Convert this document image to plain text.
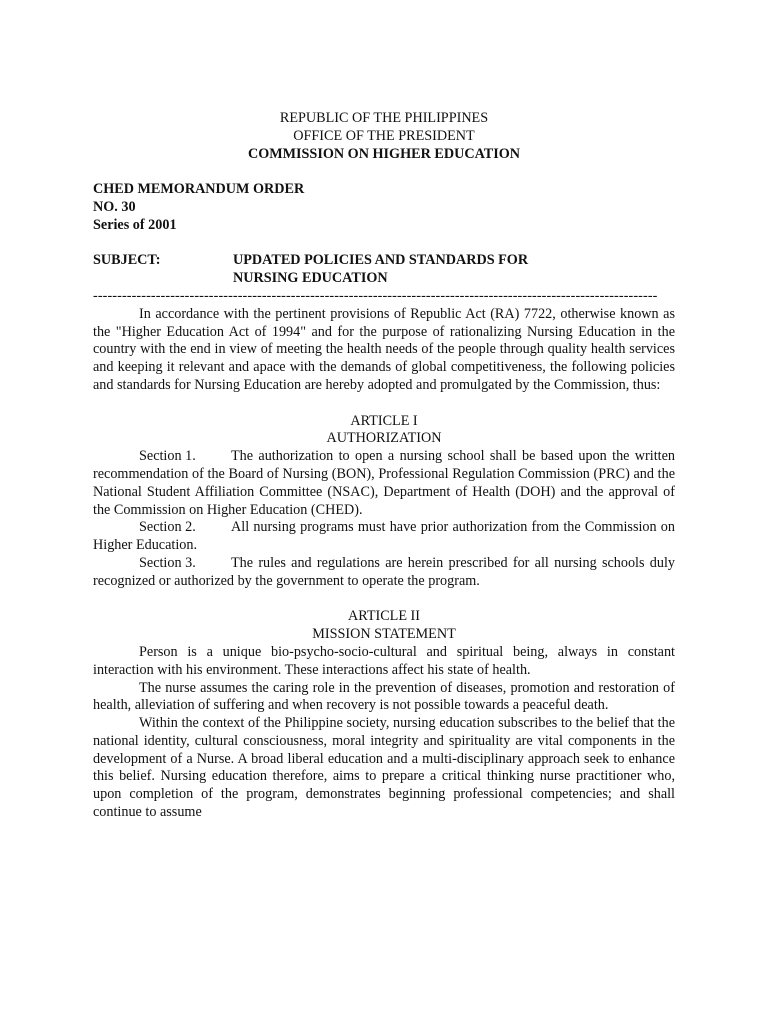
REPUBLIC OF THE PHILIPPINES
OFFICE OF THE PRESIDENT
COMMISSION ON HIGHER EDUCATION
CHED MEMORANDUM ORDER
NO. 30
Series of 2001
SUBJECT:	UPDATED POLICIES AND STANDARDS FOR
NURSING EDUCATION
---------------------------------------------------------------------------------------------------------------------

In accordance with the pertinent provisions of Republic Act (RA) 7722, otherwise known as the "Higher Education Act of 1994" and for the purpose of rationalizing Nursing Education in the country with the end in view of meeting the health needs of the people through quality health services and keeping it relevant and apace with the demands of global competitiveness, the following policies and standards for Nursing Education are hereby adopted and promulgated by the Commission, thus:

ARTICLE I
AUTHORIZATION

Section 1. The authorization to open a nursing school shall be based upon the written recommendation of the Board of Nursing (BON), Professional Regulation Commission (PRC) and the National Student Affiliation Committee (NSAC), Department of Health (DOH) and the approval of the Commission on Higher Education (CHED).

Section 2. All nursing programs must have prior authorization from the Commission on Higher Education.

Section 3. The rules and regulations are herein prescribed for all nursing schools duly recognized or authorized by the government to operate the program.

ARTICLE II
MISSION STATEMENT

Person is a unique bio-psycho-socio-cultural and spiritual being, always in constant interaction with his environment. These interactions affect his state of health.

The nurse assumes the caring role in the prevention of diseases, promotion and restoration of health, alleviation of suffering and when recovery is not possible towards a peaceful death.

Within the context of the Philippine society, nursing education subscribes to the belief that the national identity, cultural consciousness, moral integrity and spirituality are vital components in the development of a Nurse. A broad liberal education and a multi-disciplinary approach seek to enhance this belief. Nursing education therefore, aims to prepare a critical thinking nurse practitioner who, upon completion of the program, demonstrates beginning professional competencies; and shall continue to assume
